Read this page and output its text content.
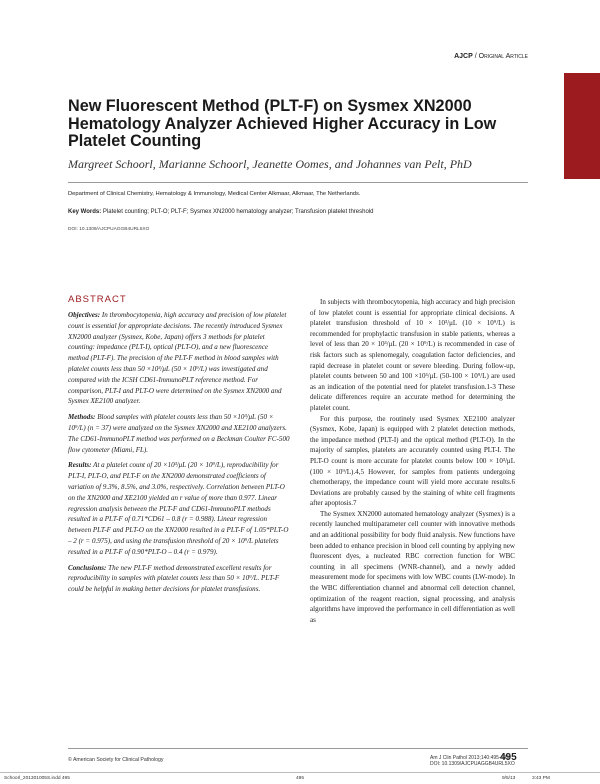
AJCP / Original Article
New Fluorescent Method (PLT-F) on Sysmex XN2000 Hematology Analyzer Achieved Higher Accuracy in Low Platelet Counting
Margreet Schoorl, Marianne Schoorl, Jeanette Oomes, and Johannes van Pelt, PhD
Department of Clinical Chemistry, Hematology & Immunology, Medical Center Alkmaar, Alkmaar, The Netherlands.
Key Words: Platelet counting; PLT-O; PLT-F; Sysmex XN2000 hematology analyzer; Transfusion platelet threshold
DOI: 10.1309/AJCPUAGGB4URL5XO
ABSTRACT

Objectives: In thrombocytopenia, high accuracy and precision of low platelet count is essential for appropriate decisions. The recently introduced Sysmex XN2000 analyzer (Sysmex, Kobe, Japan) offers 3 methods for platelet counting: impedance (PLT-I), optical (PLT-O), and a new fluorescence method (PLT-F). The precision of the PLT-F method in blood samples with platelet counts less than 50 ×10³/μL (50 × 10⁹/L) was investigated and compared with the ICSH CD61-ImmunoPLT reference method. For comparison, PLT-I and PLT-O were determined on the Sysmex XN2000 and Sysmex XE2100 analyzer.

Methods: Blood samples with platelet counts less than 50 ×10³/μL (50 × 10⁹/L) (n = 37) were analyzed on the Sysmex XN2000 and XE2100 analyzers. The CD61-ImmunoPLT method was performed on a Beckman Coulter FC-500 flow cytometer (Miami, FL).

Results: At a platelet count of 20 ×10³/μL (20 × 10⁹/L), reproducibility for PLT-I, PLT-O, and PLT-F on the XN2000 demonstrated coefficients of variation of 9.3%, 8.5%, and 3.0%, respectively. Correlation between PLT-O on the XN2000 and XE2100 yielded an r value of more than 0.977. Linear regression analysis between the PLT-F and CD61-ImmunoPLT methods resulted in a PLT-F of 0.71*CD61 – 0.8 (r = 0.988). Linear regression between PLT-F and PLT-O on the XN2000 resulted in a PLT-F of 1.05*PLT-O – 2 (r = 0.975), and using the transfusion threshold of 20 × 10⁹/L platelets resulted in a PLT-F of 0.90*PLT-O – 0.4 (r = 0.979).

Conclusions: The new PLT-F method demonstrated excellent results for reproducibility in samples with platelet counts less than 50 × 10⁹/L. PLT-F could be helpful in making better decisions for platelet transfusions.

In subjects with thrombocytopenia, high accuracy and high precision of low platelet count is essential for appropriate clinical decisions. A platelet transfusion threshold of 10 × 10³/μL (10 × 10⁹/L) is recommended for prophylactic transfusion in stable patients, whereas a level of less than 20 × 10³/μL (20 × 10⁹/L) is recommended in case of risk factors such as splenomegaly, coagulation factor deficiencies, and rapid decrease in platelet count or severe bleeding. During follow-up, platelet counts between 50 and 100 ×10³/μL (50-100 × 10⁹/L) are used as an indication of the potential need for platelet transfusion.1-3 These delicate differences require an accurate method for determining the platelet count.

For this purpose, the routinely used Sysmex XE2100 analyzer (Sysmex, Kobe, Japan) is equipped with 2 platelet detection methods, the impedance method (PLT-I) and the optical method (PLT-O). In the majority of samples, platelets are accurately counted using PLT-I. The PLT-O count is more accurate for platelet counts below 100 × 10³/μL (100 × 10⁹/L).4,5 However, for samples from patients undergoing chemotherapy, the impedance count will yield more accurate results.6 Deviations are probably caused by the staining of white cell fragments after apoptosis.7

The Sysmex XN2000 automated hematology analyzer (Sysmex) is a recently launched multiparameter cell counter with innovative methods and an additional possibility for body fluid analysis. New functions have been added to enhance precision in blood cell counting by applying new fluorescent dyes, a nucleated RBC correction function for WBC counting in all specimens (WNR-channel), and a newly added measurement mode for specimens with low WBC counts (LW-mode). In the WBC differentiation channel and abnormal cell detection channel, optimization of the reagent reaction, signal processing, and analysis algorithms have improved the performance in cell differentiation as well as

© American Society for Clinical Pathology	Am J Clin Pathol 2013;140:495-499
DOI: 10.1309/AJCPUAGGB4URL5XO
495
Schoorl_201301005S.indd 495	495	9/5/13	3:43 PM
